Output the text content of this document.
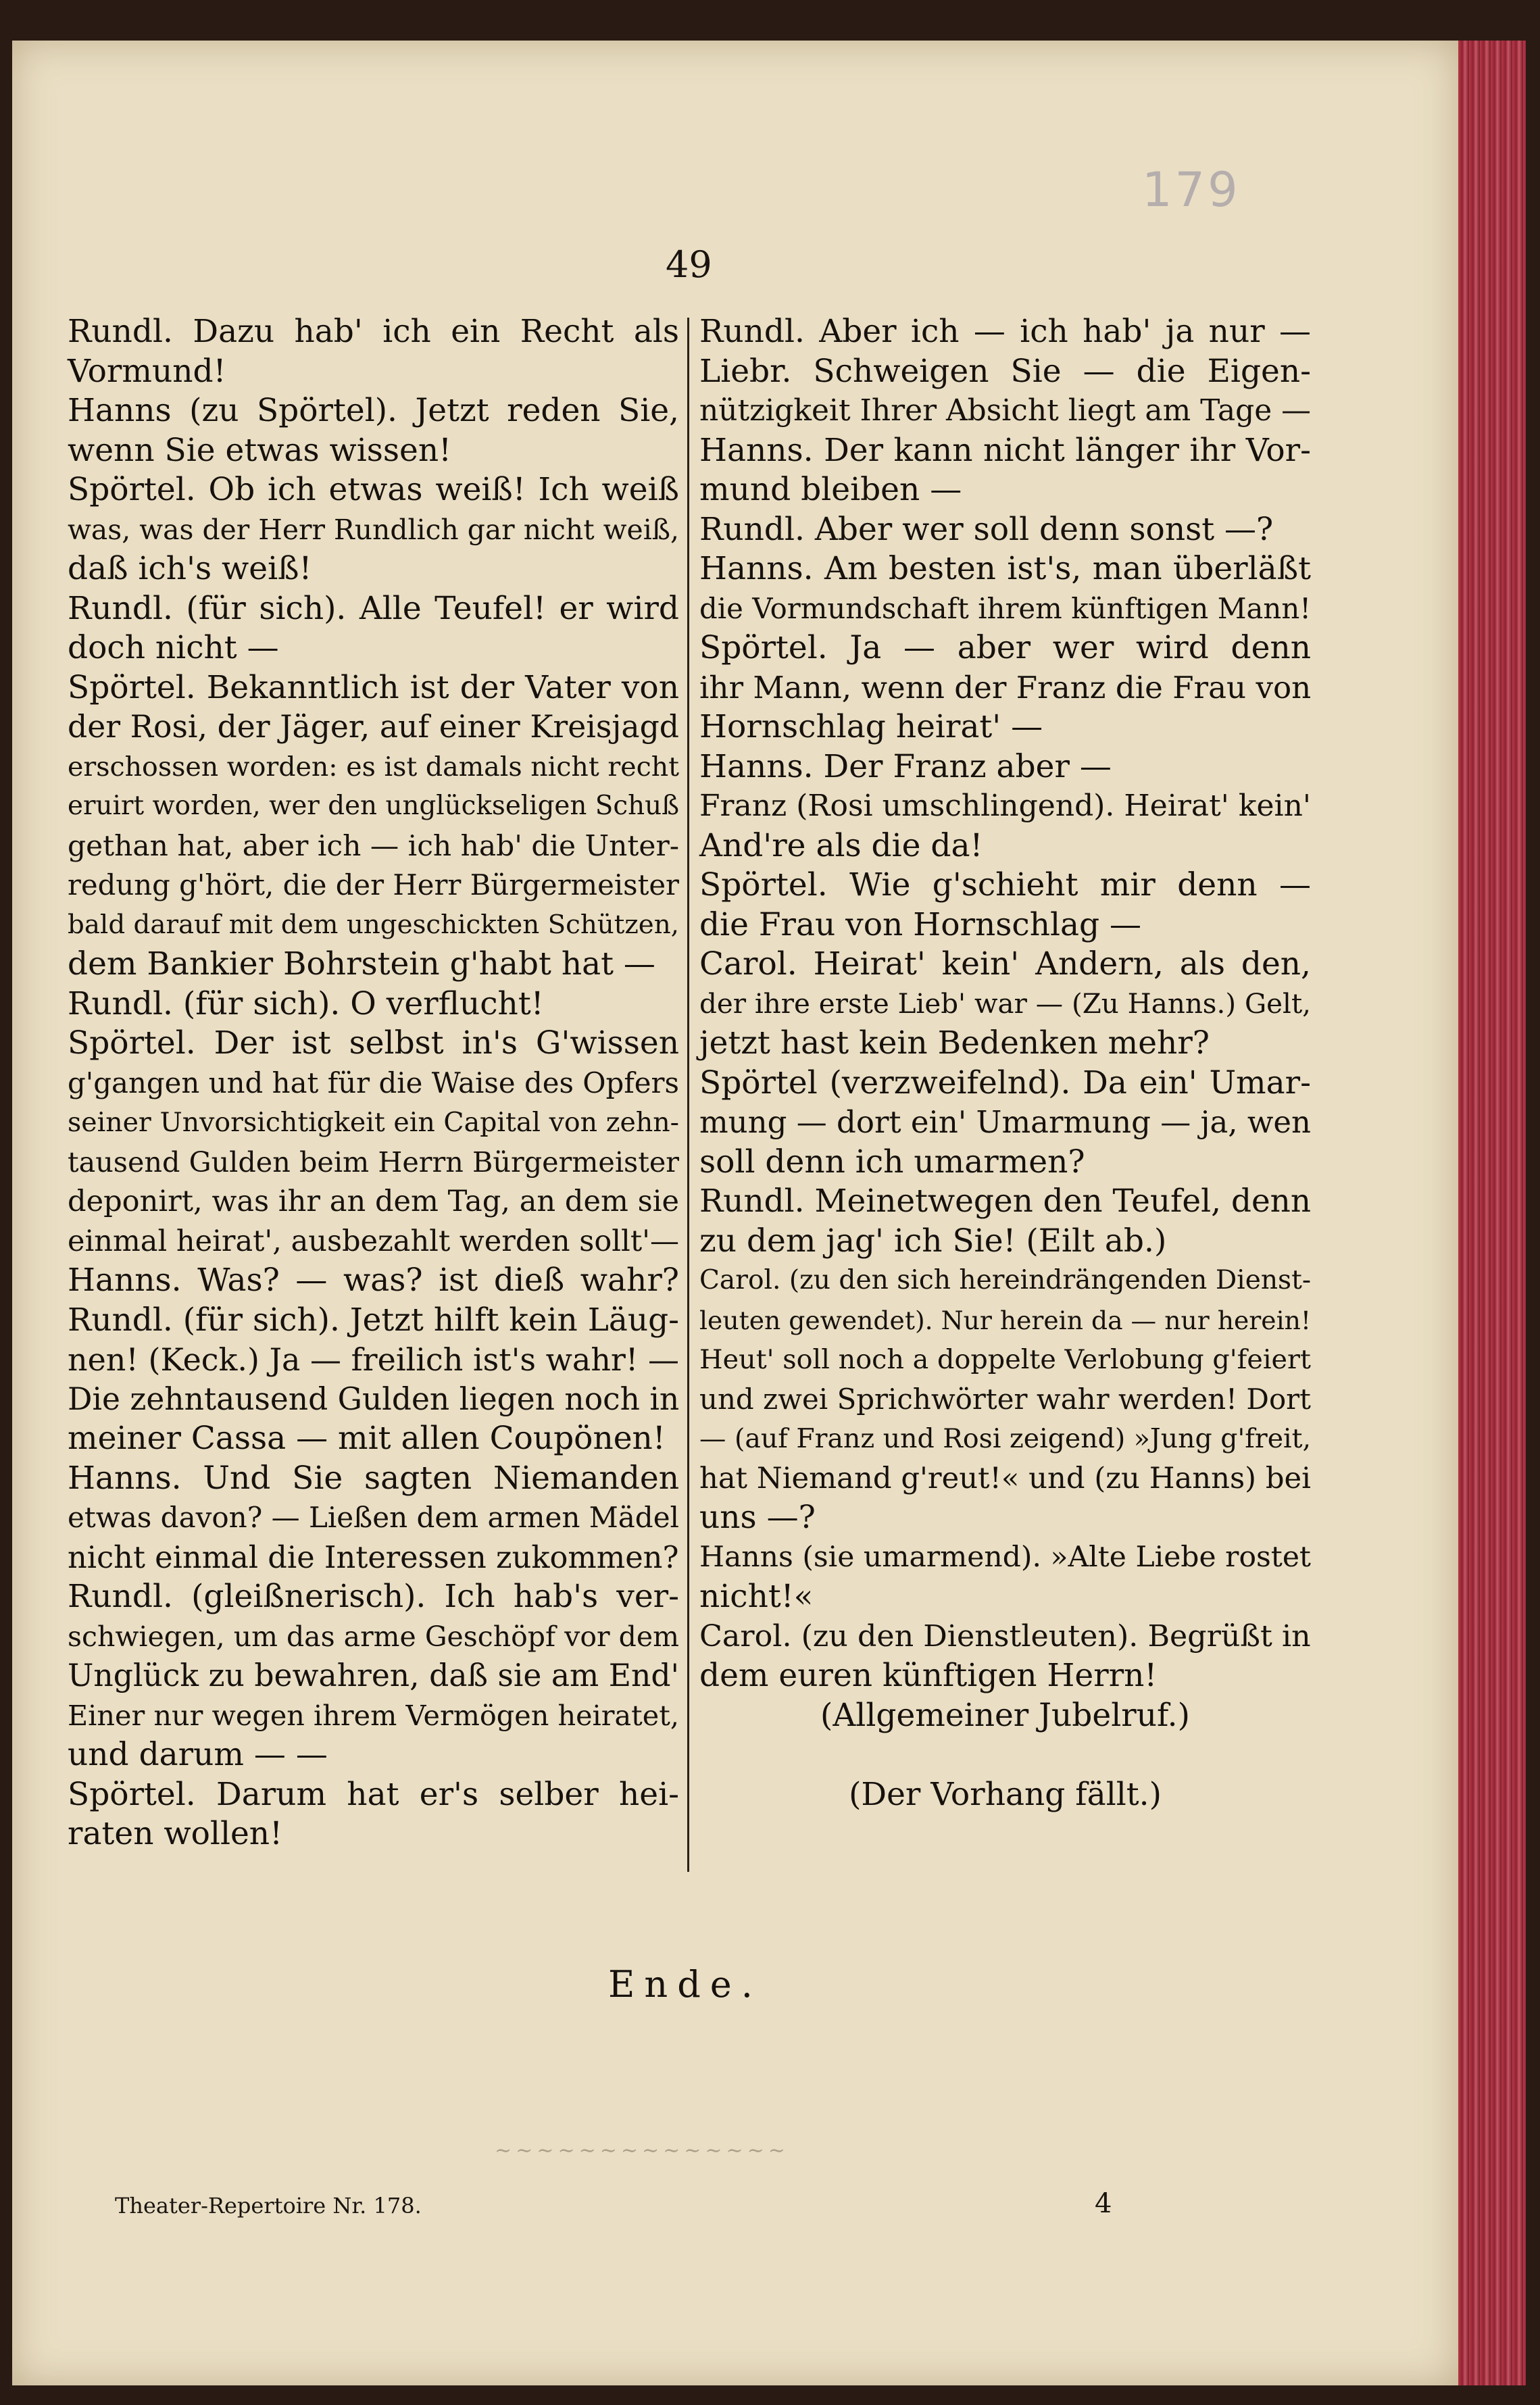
179
49
Rundl. Dazu hab' ich ein Recht als
Vormund!
Hanns (zu Spörtel). Jetzt reden Sie,
wenn Sie etwas wissen!
Spörtel. Ob ich etwas weiß! Ich weiß
was, was der Herr Rundlich gar nicht weiß,
daß ich's weiß!
Rundl. (für sich). Alle Teufel! er wird
doch nicht —
Spörtel. Bekanntlich ist der Vater von
der Rosi, der Jäger, auf einer Kreisjagd
erschossen worden: es ist damals nicht recht
eruirt worden, wer den unglückseligen Schuß
gethan hat, aber ich — ich hab' die Unter-
redung g'hört, die der Herr Bürgermeister
bald darauf mit dem ungeschickten Schützen,
dem Bankier Bohrstein g'habt hat —
Rundl. (für sich). O verflucht!
Spörtel. Der ist selbst in's G'wissen
g'gangen und hat für die Waise des Opfers
seiner Unvorsichtigkeit ein Capital von zehn-
tausend Gulden beim Herrn Bürgermeister
deponirt, was ihr an dem Tag, an dem sie
einmal heirat', ausbezahlt werden sollt'—
Hanns. Was? — was? ist dieß wahr?
Rundl. (für sich). Jetzt hilft kein Läug-
nen! (Keck.) Ja — freilich ist's wahr! —
Die zehntausend Gulden liegen noch in
meiner Cassa — mit allen Coupönen!
Hanns. Und Sie sagten Niemanden
etwas davon? — Ließen dem armen Mädel
nicht einmal die Interessen zukommen?
Rundl. (gleißnerisch). Ich hab's ver-
schwiegen, um das arme Geschöpf vor dem
Unglück zu bewahren, daß sie am End'
Einer nur wegen ihrem Vermögen heiratet,
und darum — —
Spörtel. Darum hat er's selber hei-
raten wollen!
Rundl. Aber ich — ich hab' ja nur —
Liebr. Schweigen Sie — die Eigen-
nützigkeit Ihrer Absicht liegt am Tage —
Hanns. Der kann nicht länger ihr Vor-
mund bleiben —
Rundl. Aber wer soll denn sonst —?
Hanns. Am besten ist's, man überläßt
die Vormundschaft ihrem künftigen Mann!
Spörtel. Ja — aber wer wird denn
ihr Mann, wenn der Franz die Frau von
Hornschlag heirat' —
Hanns. Der Franz aber —
Franz (Rosi umschlingend). Heirat' kein'
And're als die da!
Spörtel. Wie g'schieht mir denn —
die Frau von Hornschlag —
Carol. Heirat' kein' Andern, als den,
der ihre erste Lieb' war — (Zu Hanns.) Gelt,
jetzt hast kein Bedenken mehr?
Spörtel (verzweifelnd). Da ein' Umar-
mung — dort ein' Umarmung — ja, wen
soll denn ich umarmen?
Rundl. Meinetwegen den Teufel, denn
zu dem jag' ich Sie! (Eilt ab.)
Carol. (zu den sich hereindrängenden Dienst-
leuten gewendet). Nur herein da — nur herein!
Heut' soll noch a doppelte Verlobung g'feiert
und zwei Sprichwörter wahr werden! Dort
— (auf Franz und Rosi zeigend) »Jung g'freit,
hat Niemand g'reut!« und (zu Hanns) bei
uns —?
Hanns (sie umarmend). »Alte Liebe rostet
nicht!«
Carol. (zu den Dienstleuten). Begrüßt in
dem euren künftigen Herrn!
(Allgemeiner Jubelruf.)

(Der Vorhang fällt.)
Ende.
∼∼∼∼∼∼∼∼∼∼∼∼∼∼
Theater-Repertoire Nr. 178.	4
